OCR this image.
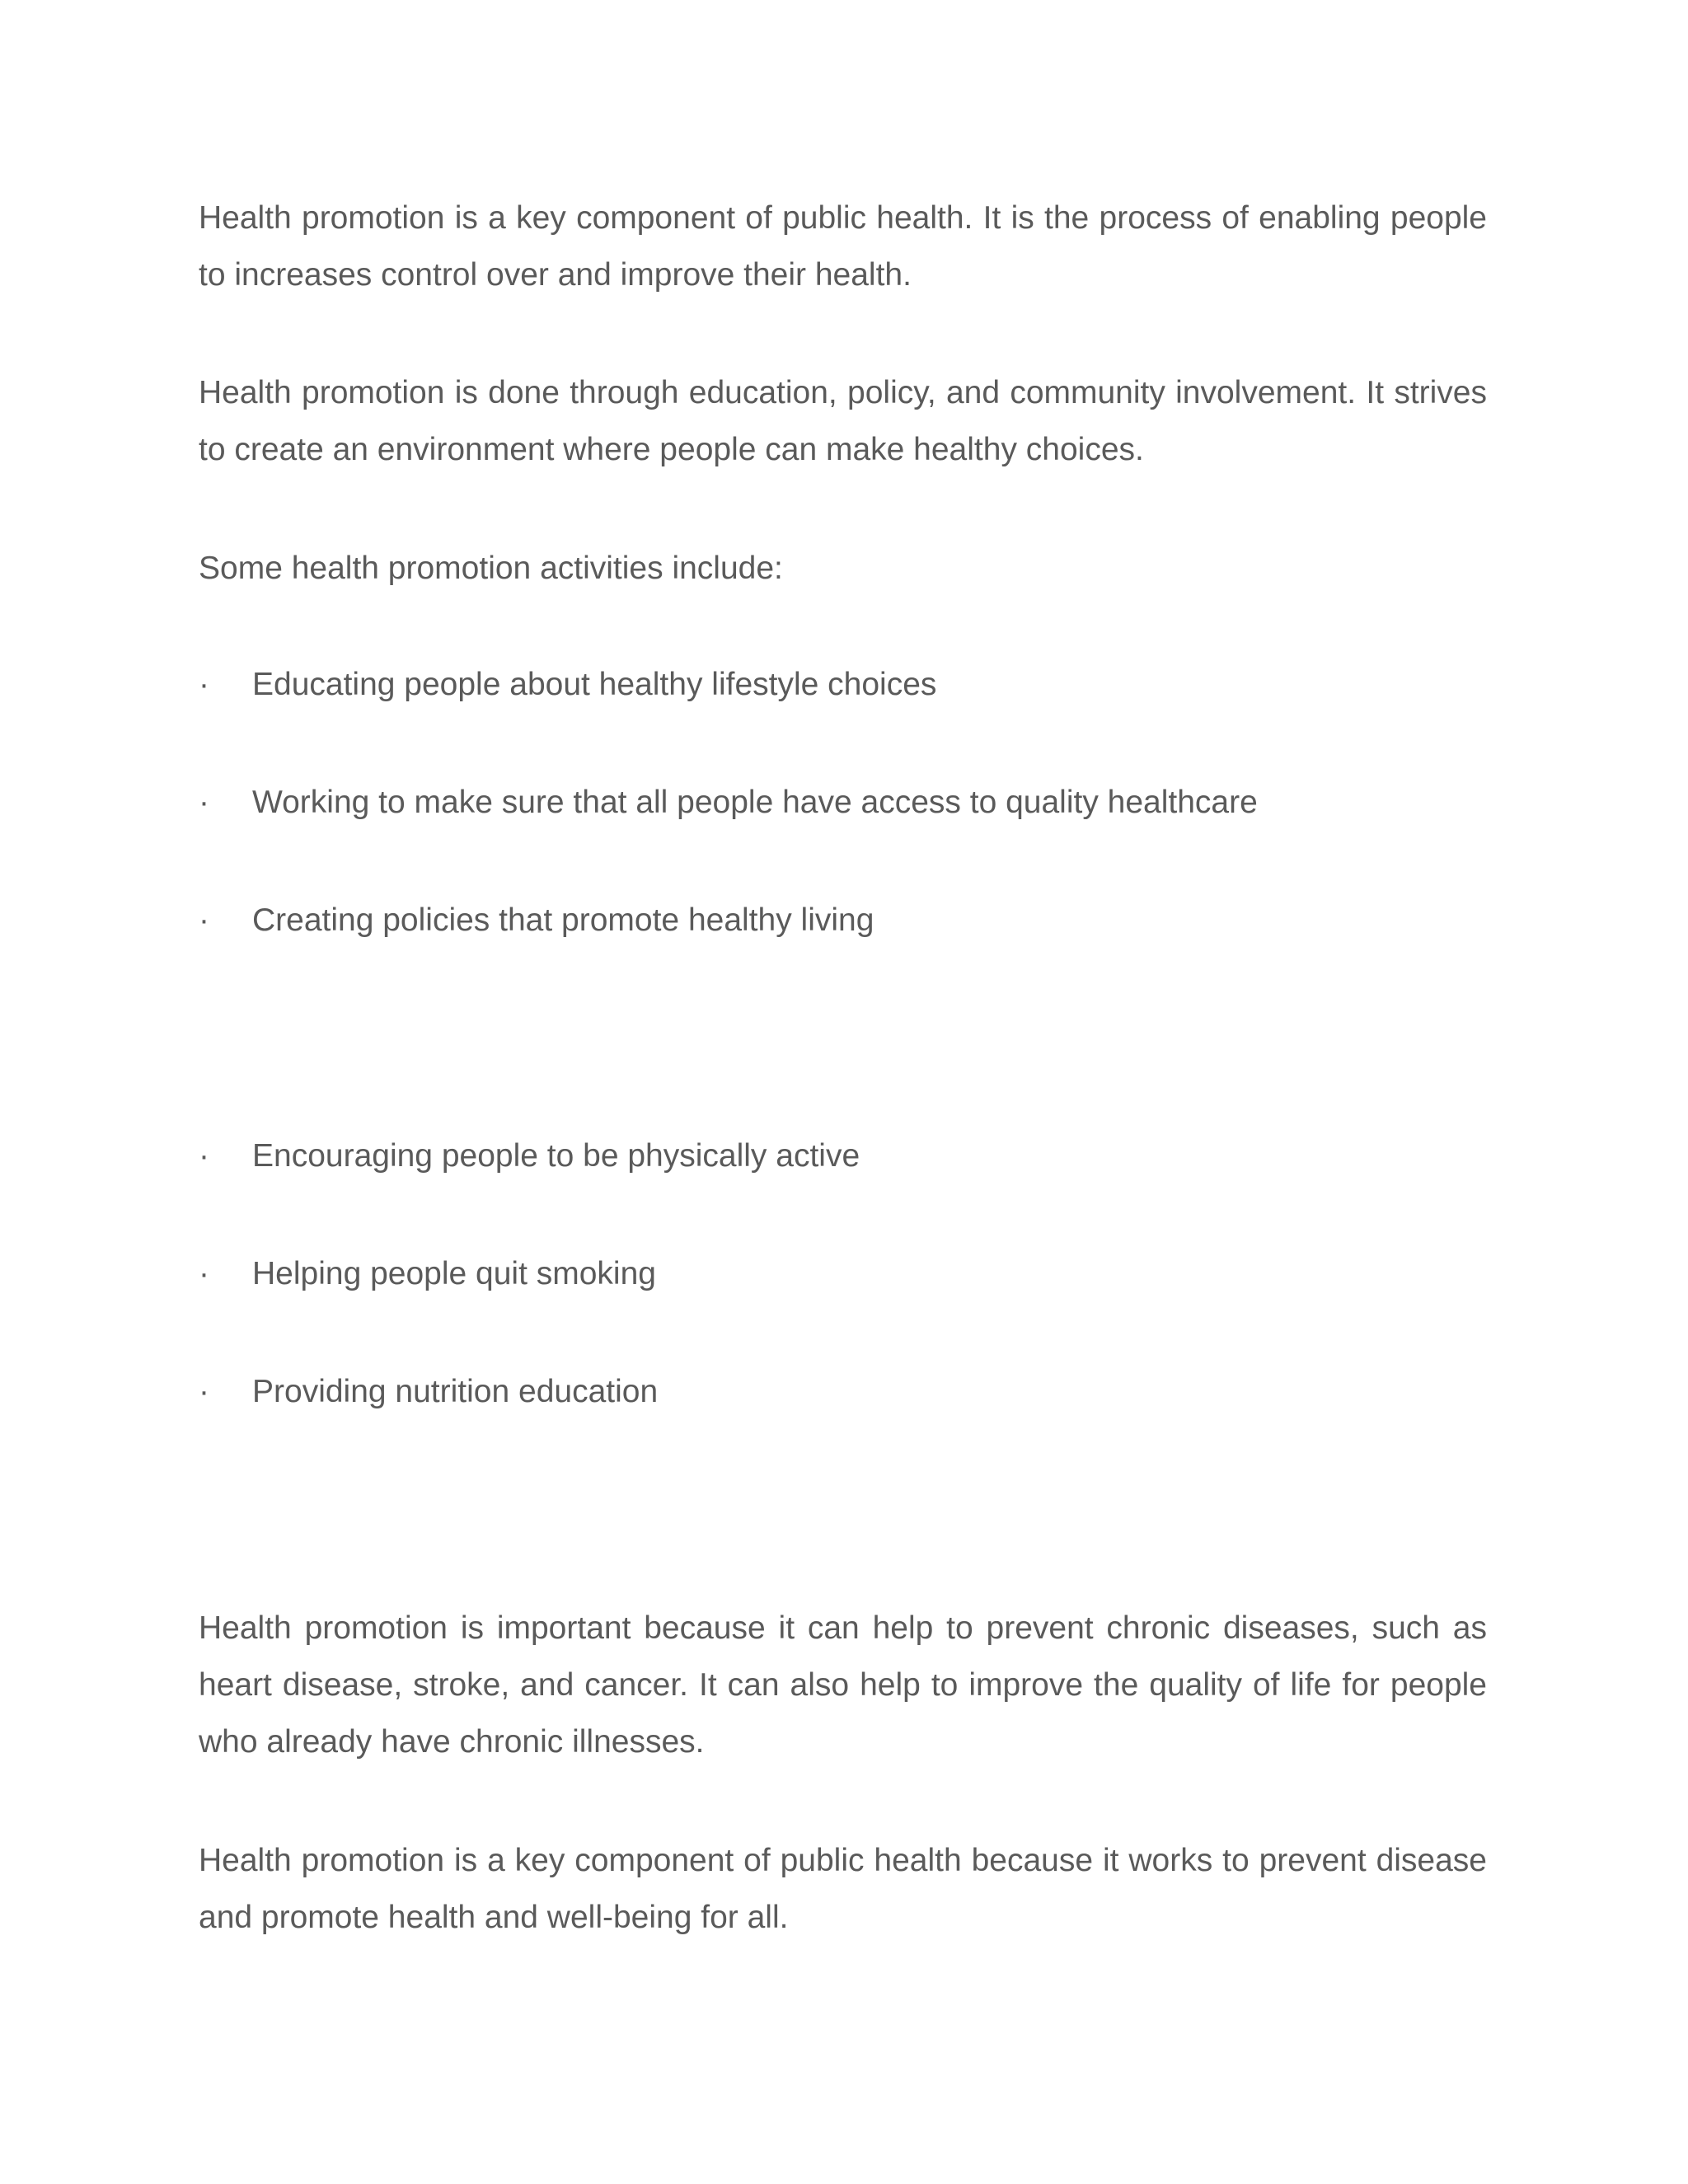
Health promotion is a key component of public health. It is the process of enabling people to increases control over and improve their health.

Health promotion is done through education, policy, and community involvement. It strives to create an environment where people can make healthy choices.

Some health promotion activities include:

· Educating people about healthy lifestyle choices
· Working to make sure that all people have access to quality healthcare
· Creating policies that promote healthy living
· Encouraging people to be physically active
· Helping people quit smoking
· Providing nutrition education

Health promotion is important because it can help to prevent chronic diseases, such as heart disease, stroke, and cancer. It can also help to improve the quality of life for people who already have chronic illnesses.

Health promotion is a key component of public health because it works to prevent disease and promote health and well-being for all.
